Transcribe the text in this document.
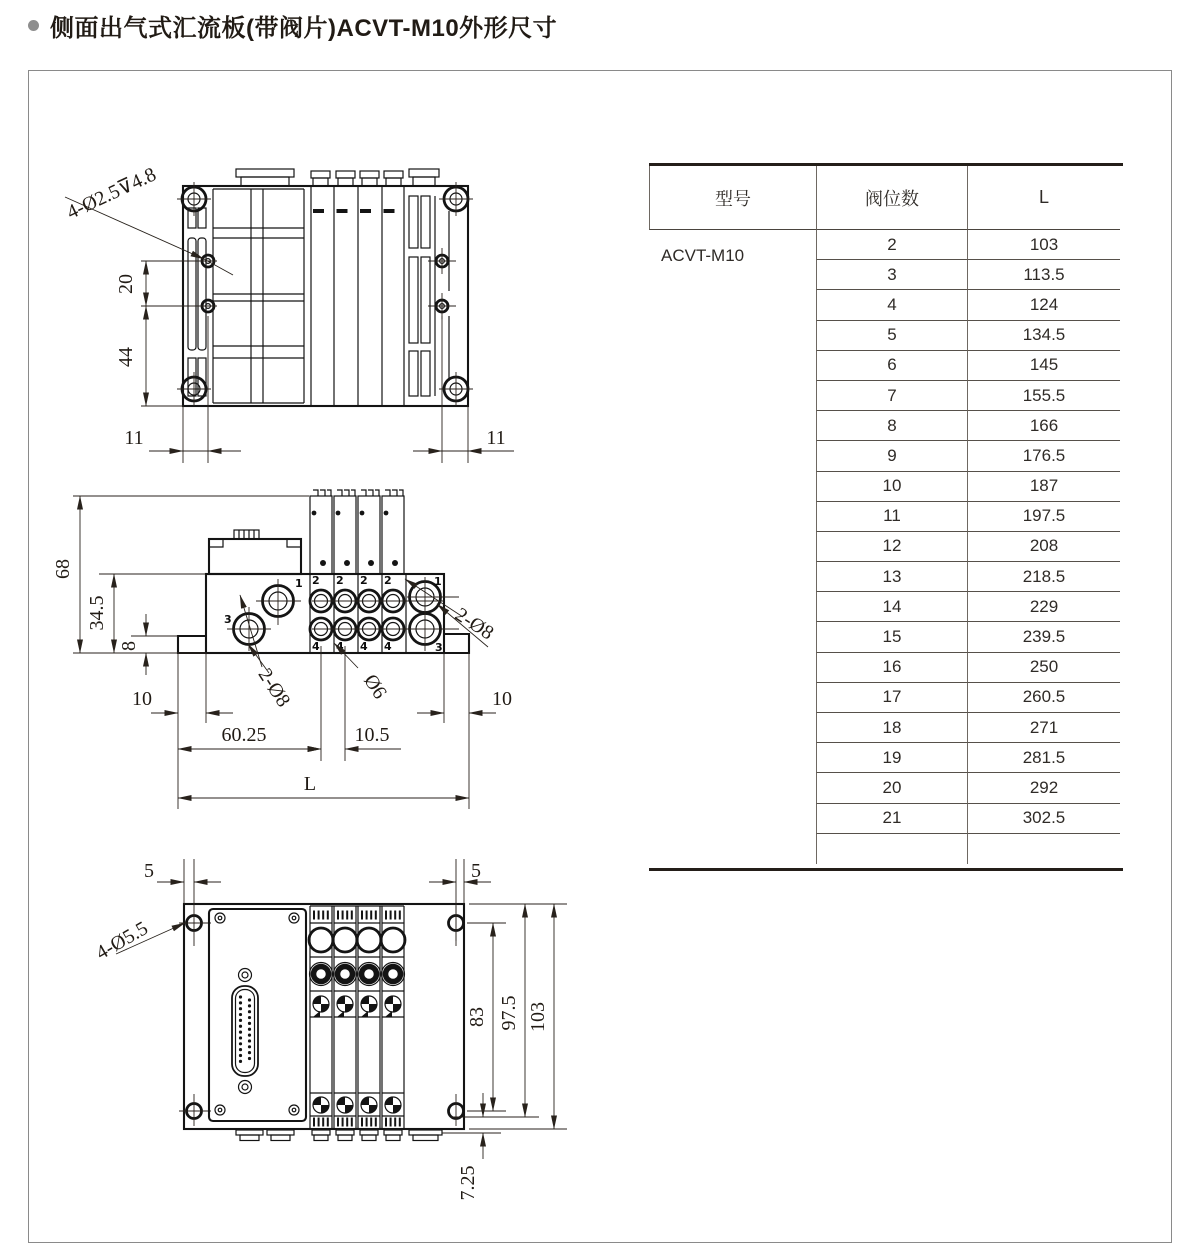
侧面出气式汇流板(带阀片)ACVT-M10外形尺寸
20
44
11	11
4-Ø2.5⊽4.8
1
3
2 2 2 2
4 4 4 4
1
3
68
34.5
8
10	10
60.25	10.5
L
2-Ø8
2-Ø8	Ø6
5	5
4-Ø5.5
83 97.5 103
7.25
型号	阀位数	L
ACVT-M10
2	103
3	113.5
4	124
5	134.5
6	145
7	155.5
8	166
9	176.5
10	187
11	197.5
12	208
13	218.5
14	229
15	239.5
16	250
17	260.5
18	271
19	281.5
20	292
21	302.5
